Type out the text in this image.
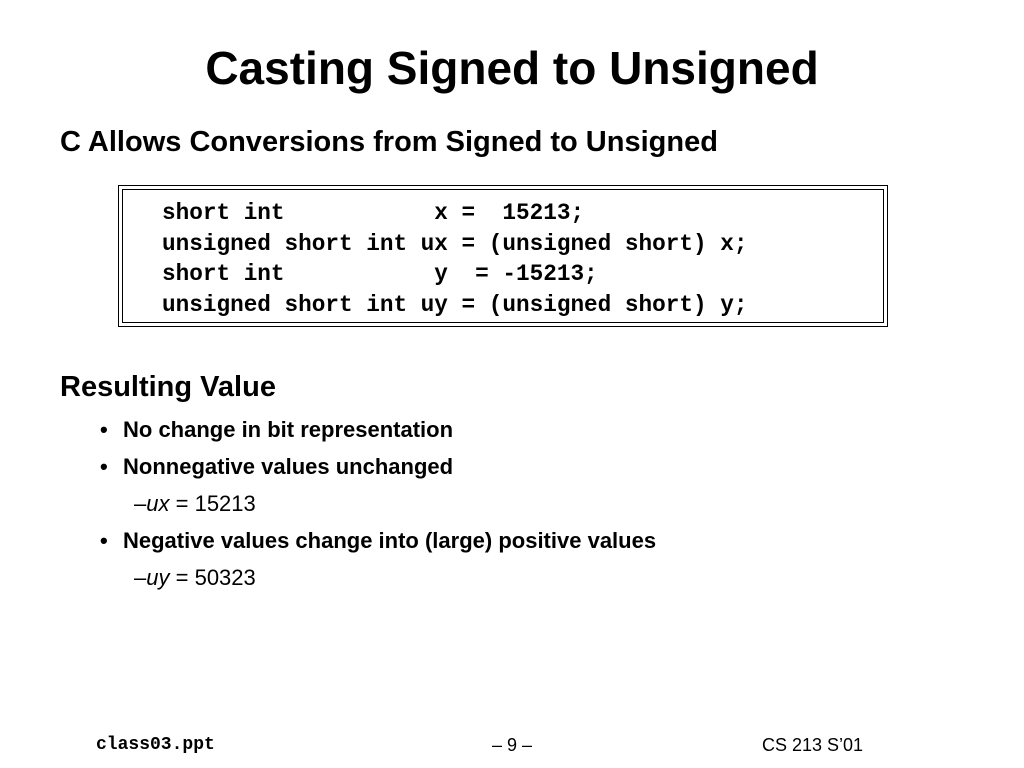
Casting Signed to Unsigned
C Allows Conversions from Signed to Unsigned
short int           x =  15213;
unsigned short int ux = (unsigned short) x;
short int           y  = -15213;
unsigned short int uy = (unsigned short) y;
Resulting Value

• No change in bit representation

• Nonnegative values unchanged

–ux = 15213

• Negative values change into (large) positive values

–uy = 50323

class03.ppt	– 9 –	CS 213 S’01
